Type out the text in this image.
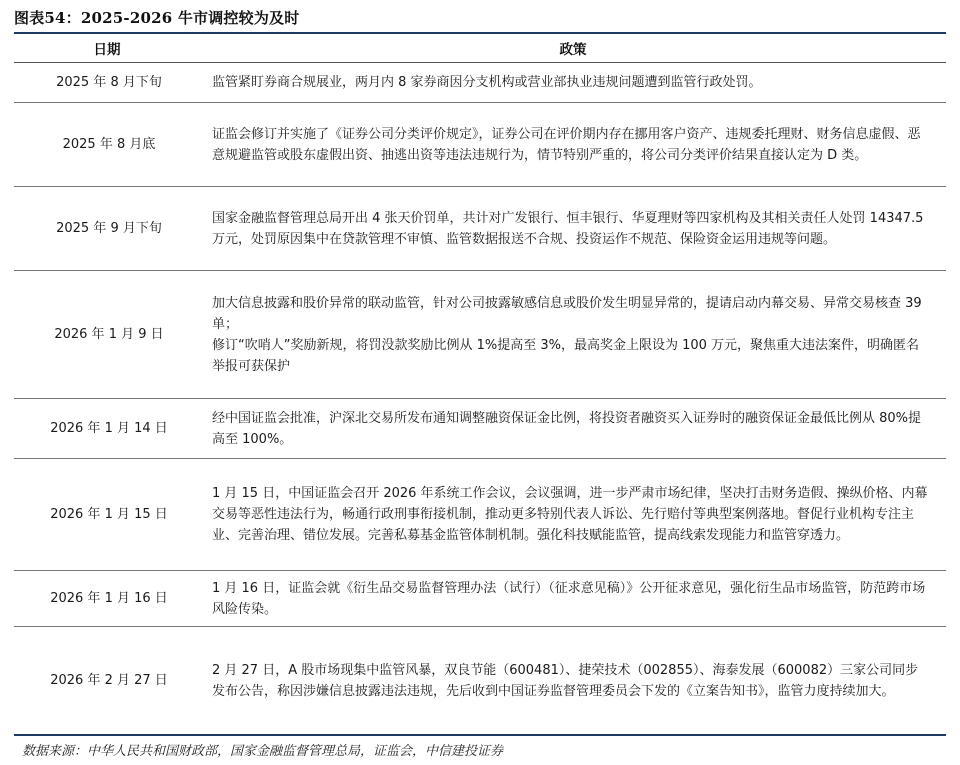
图表54：2025-2026 牛市调控较为及时
日期	政策
2025 年 8 月下旬	监管紧盯券商合规展业，两月内 8 家券商因分支机构或营业部执业违规问题遭到监管行政处罚。
2025 年 8 月底	证监会修订并实施了《证券公司分类评价规定》，证券公司在评价期内存在挪用客户资产、违规委托理财、财务信息虚假、恶意规避监管或股东虚假出资、抽逃出资等违法违规行为，情节特别严重的，将公司分类评价结果直接认定为 D 类。
2025 年 9 月下旬	国家金融监督管理总局开出 4 张天价罚单，共计对广发银行、恒丰银行、华夏理财等四家机构及其相关责任人处罚 14347.5 万元，处罚原因集中在贷款管理不审慎、监管数据报送不合规、投资运作不规范、保险资金运用违规等问题。
2026 年 1 月 9 日	加大信息披露和股价异常的联动监管，针对公司披露敏感信息或股价发生明显异常的，提请启动内幕交易、异常交易核查 39 单；
修订“吹哨人”奖励新规，将罚没款奖励比例从 1%提高至 3%，最高奖金上限设为 100 万元，聚焦重大违法案件，明确匿名举报可获保护

2026 年 1 月 14 日	经中国证监会批准，沪深北交易所发布通知调整融资保证金比例，将投资者融资买入证券时的融资保证金最低比例从 80%提高至 100%。
2026 年 1 月 15 日	1 月 15 日，中国证监会召开 2026 年系统工作会议，会议强调，进一步严肃市场纪律，坚决打击财务造假、操纵价格、内幕交易等恶性违法行为，畅通行政刑事衔接机制，推动更多特别代表人诉讼、先行赔付等典型案例落地。督促行业机构专注主业、完善治理、错位发展。完善私募基金监管体制机制。强化科技赋能监管，提高线索发现能力和监管穿透力。
2026 年 1 月 16 日	1 月 16 日，证监会就《衍生品交易监督管理办法（试行）（征求意见稿）》公开征求意见，强化衍生品市场监管，防范跨市场风险传染。
2026 年 2 月 27 日	2 月 27 日，A 股市场现集中监管风暴，双良节能（600481）、捷荣技术（002855）、海泰发展（600082）三家公司同步发布公告，称因涉嫌信息披露违法违规，先后收到中国证券监督管理委员会下发的《立案告知书》，监管力度持续加大。
数据来源：中华人民共和国财政部，国家金融监督管理总局，证监会，中信建投证券
